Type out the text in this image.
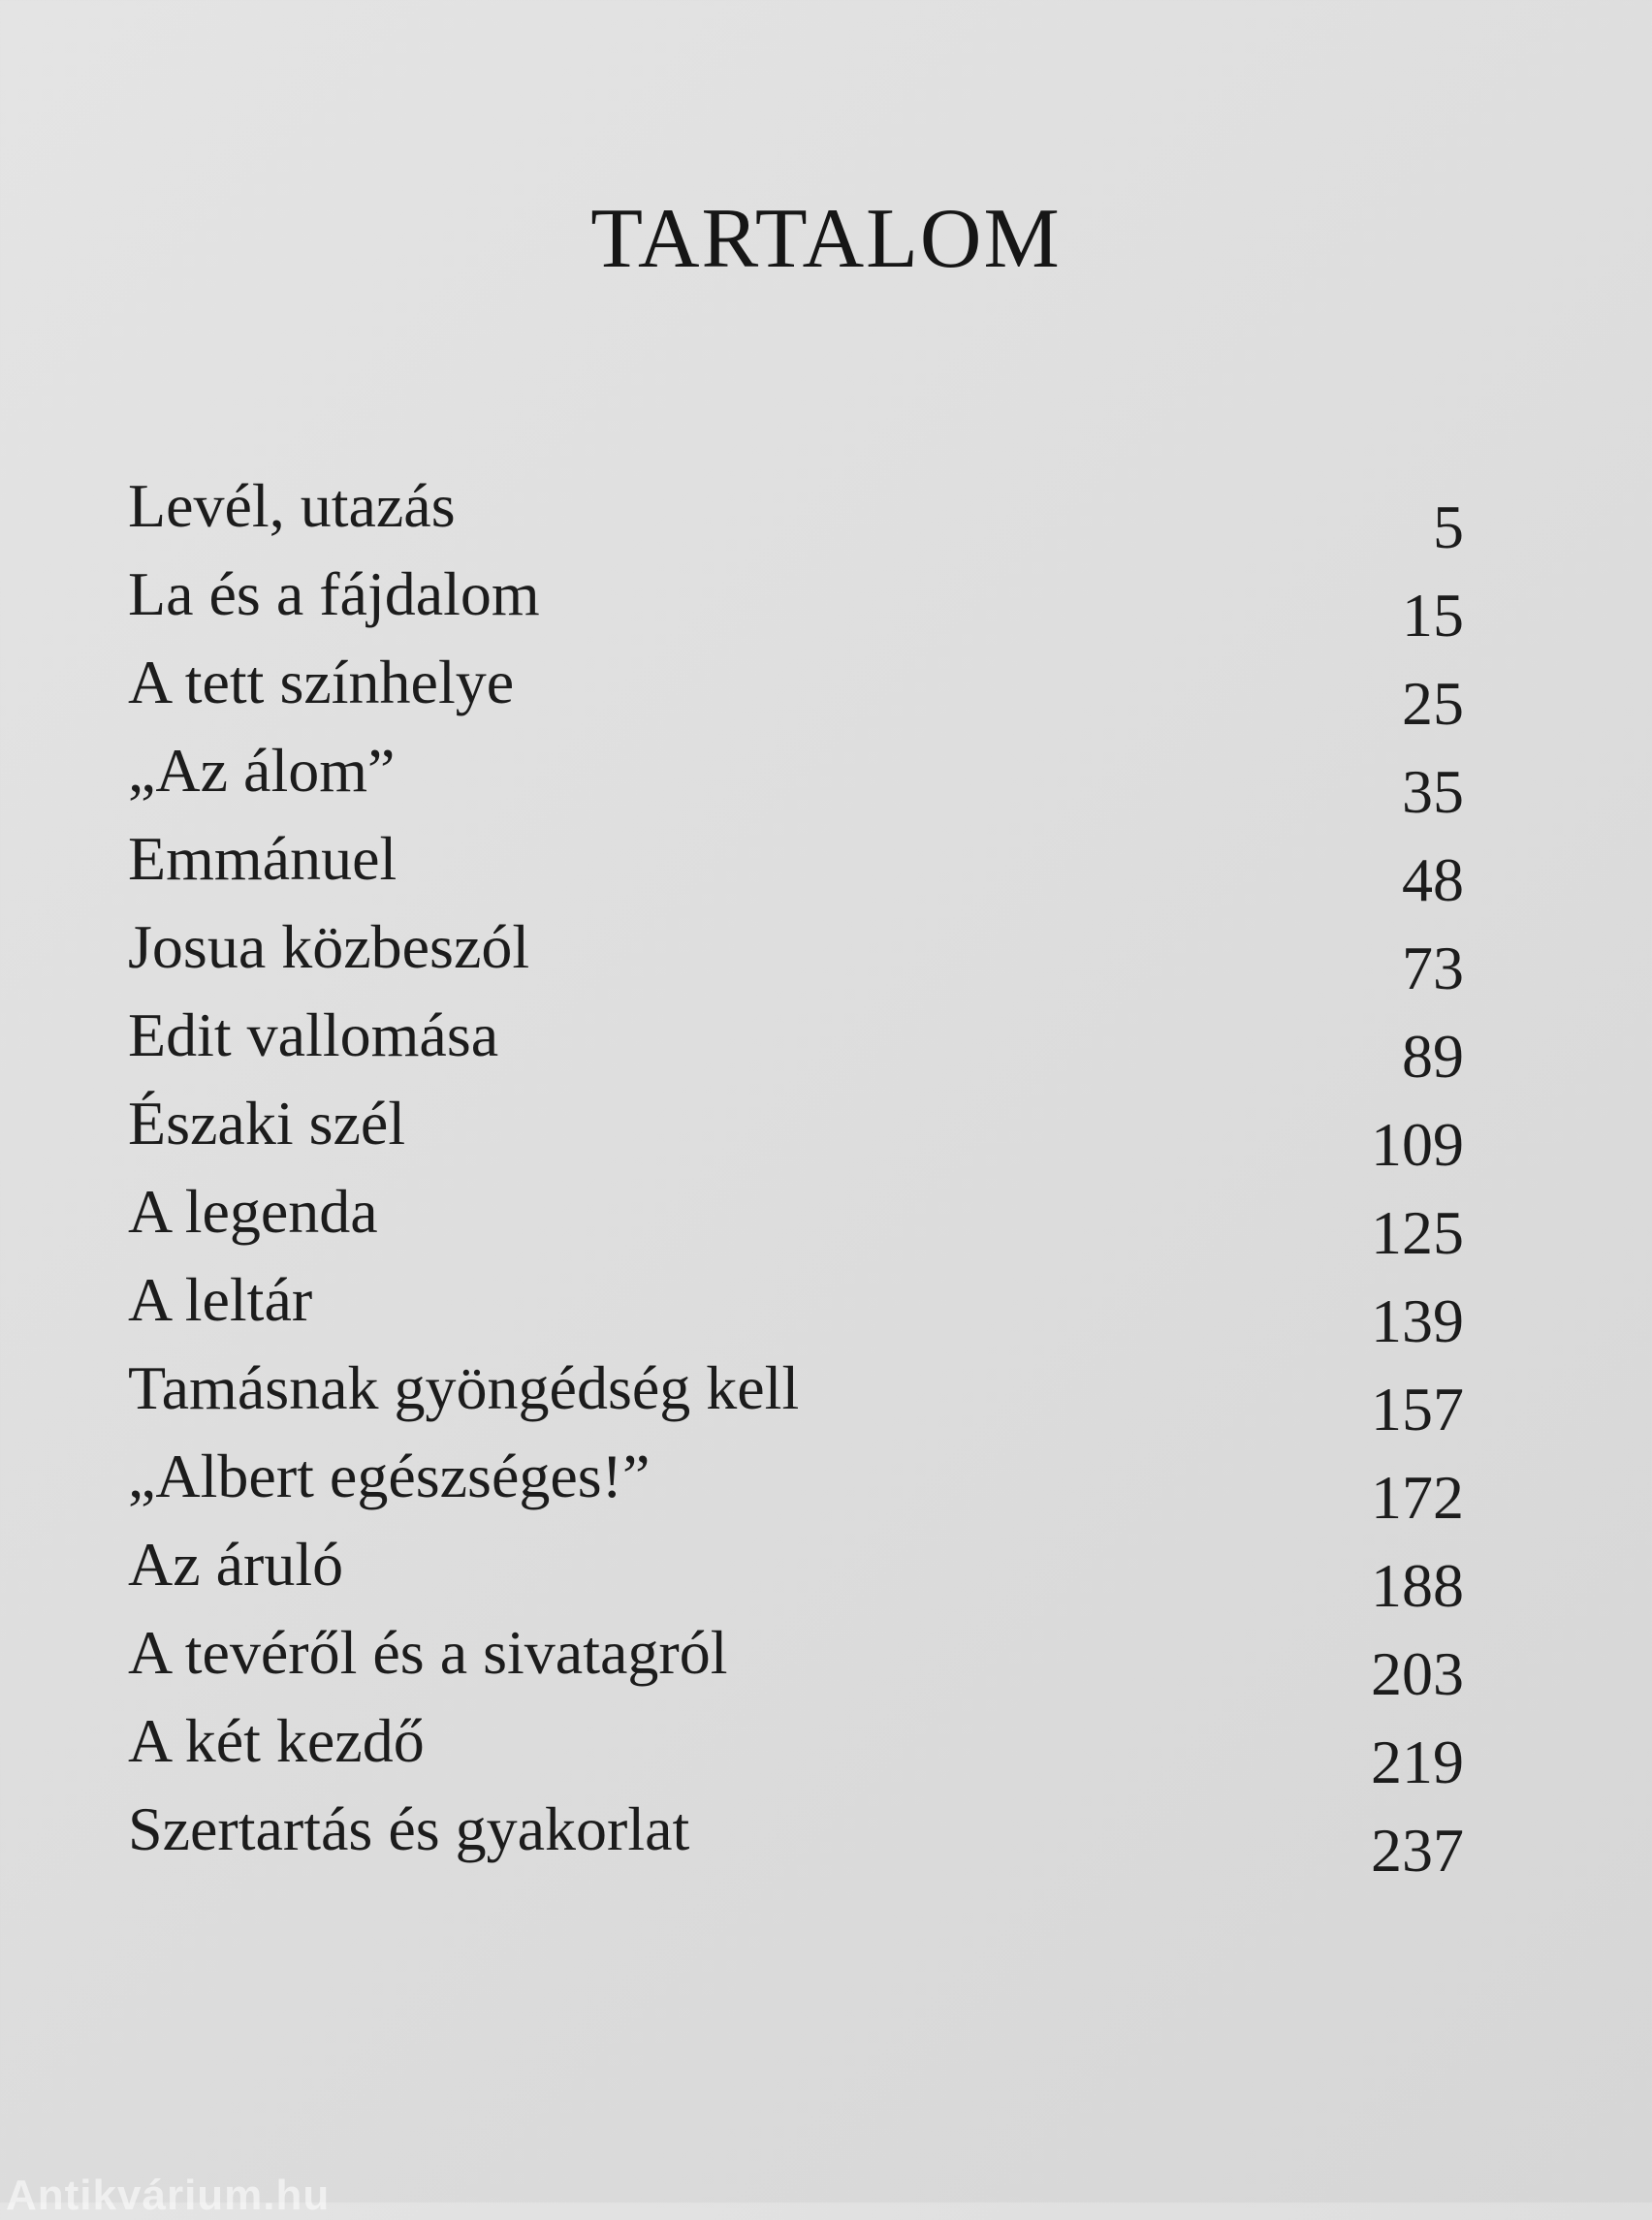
TARTALOM
Levél, utazás	5
La és a fájdalom	15
A tett színhelye	25
„Az álom”	35
Emmánuel	48
Josua közbeszól	73
Edit vallomása	89
Északi szél	109
A legenda	125
A leltár	139
Tamásnak gyöngédség kell	157
„Albert egészséges!”	172
Az áruló	188
A tevéről és a sivatagról	203
A két kezdő	219
Szertartás és gyakorlat	237
Antikvárium.hu
